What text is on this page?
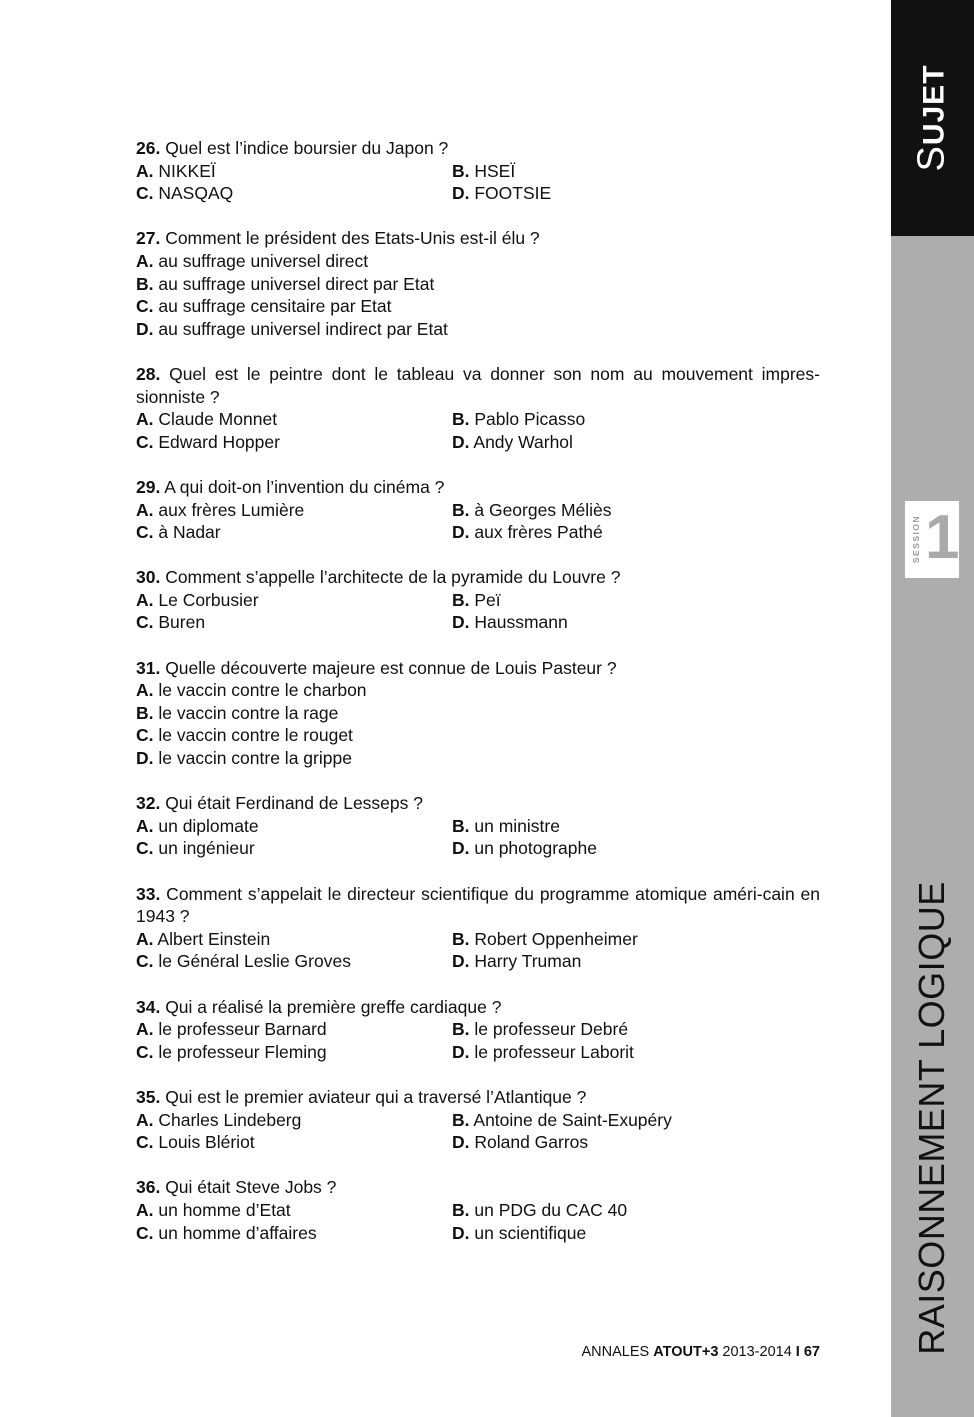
SUJET
SESSION 1
RAISONNEMENT LOGIQUE
26. Quel est l’indice boursier du Japon ?
A. NIKKEÏ	B. HSEÏ
C. NASQAQ	D. FOOTSIE
27. Comment le président des Etats-Unis est-il élu ?
A. au suffrage universel direct
B. au suffrage universel direct par Etat
C. au suffrage censitaire par Etat
D. au suffrage universel indirect par Etat
28. Quel est le peintre dont le tableau va donner son nom au mouvement impres-sionniste ?
A. Claude Monnet	B. Pablo Picasso
C. Edward Hopper	D. Andy Warhol
29. A qui doit-on l’invention du cinéma ?
A. aux frères Lumière	B. à Georges Méliès
C. à Nadar	D. aux frères Pathé
30. Comment s’appelle l’architecte de la pyramide du Louvre ?
A. Le Corbusier	B. Peï
C. Buren	D. Haussmann
31. Quelle découverte majeure est connue de Louis Pasteur ?
A. le vaccin contre le charbon
B. le vaccin contre la rage
C. le vaccin contre le rouget
D. le vaccin contre la grippe
32. Qui était Ferdinand de Lesseps ?
A. un diplomate	B. un ministre
C. un ingénieur	D. un photographe
33. Comment s’appelait le directeur scientifique du programme atomique améri-cain en 1943 ?
A. Albert Einstein	B. Robert Oppenheimer
C. le Général Leslie Groves	D. Harry Truman
34. Qui a réalisé la première greffe cardiaque ?
A. le professeur Barnard	B. le professeur Debré
C. le professeur Fleming	D. le professeur Laborit
35. Qui est le premier aviateur qui a traversé l’Atlantique ?
A. Charles Lindeberg	B. Antoine de Saint-Exupéry
C. Louis Blériot	D. Roland Garros
36. Qui était Steve Jobs ?
A. un homme d’Etat	B. un PDG du CAC 40
C. un homme d’affaires	D. un scientifique
ANNALES ATOUT+3 2013-2014 I 67
